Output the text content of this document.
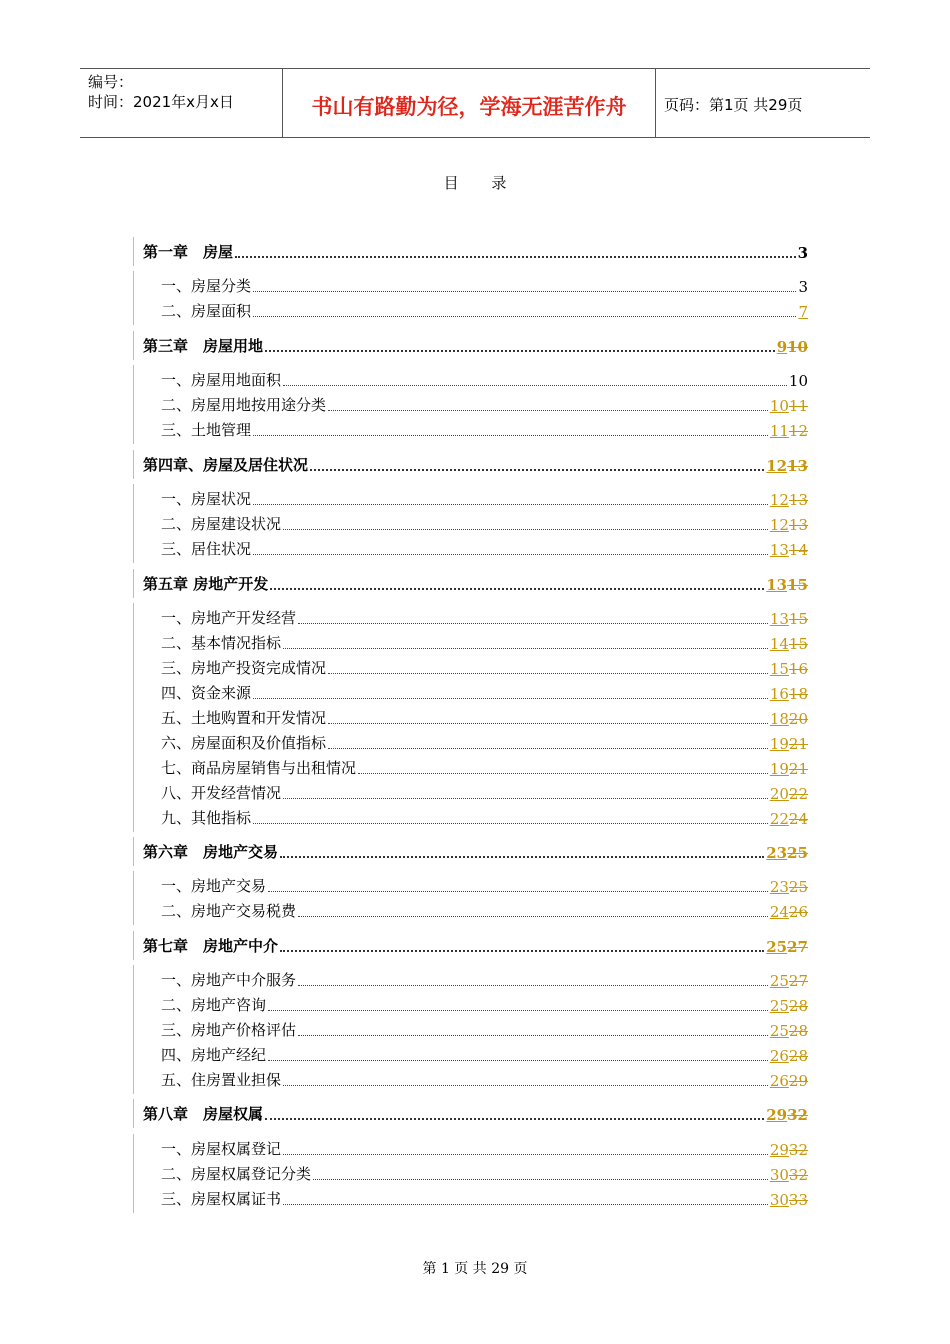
编号：
时间：2021年x月x日	书山有路勤为径，学海无涯苦作舟	页码：第1页 共29页
目 录
第一章　房屋	3
一、房屋分类	3
二、房屋面积	7
第三章　房屋用地	910
一、房屋用地面积	10
二、房屋用地按用途分类	1011
三、土地管理	1112
第四章、房屋及居住状况	1213
一、房屋状况	1213
二、房屋建设状况	1213
三、居住状况	1314
第五章 房地产开发	1315
一、房地产开发经营	1315
二、基本情况指标	1415
三、房地产投资完成情况	1516
四、资金来源	1618
五、土地购置和开发情况	1820
六、房屋面积及价值指标	1921
七、商品房屋销售与出租情况	1921
八、开发经营情况	2022
九、其他指标	2224
第六章　房地产交易	2325
一、房地产交易	2325
二、房地产交易税费	2426
第七章　房地产中介	2527
一、房地产中介服务	2527
二、房地产咨询	2528
三、房地产价格评估	2528
四、房地产经纪	2628
五、住房置业担保	2629
第八章　房屋权属	2932
一、房屋权属登记	2932
二、房屋权属登记分类	3032
三、房屋权属证书	3033
第 1 页 共 29 页
